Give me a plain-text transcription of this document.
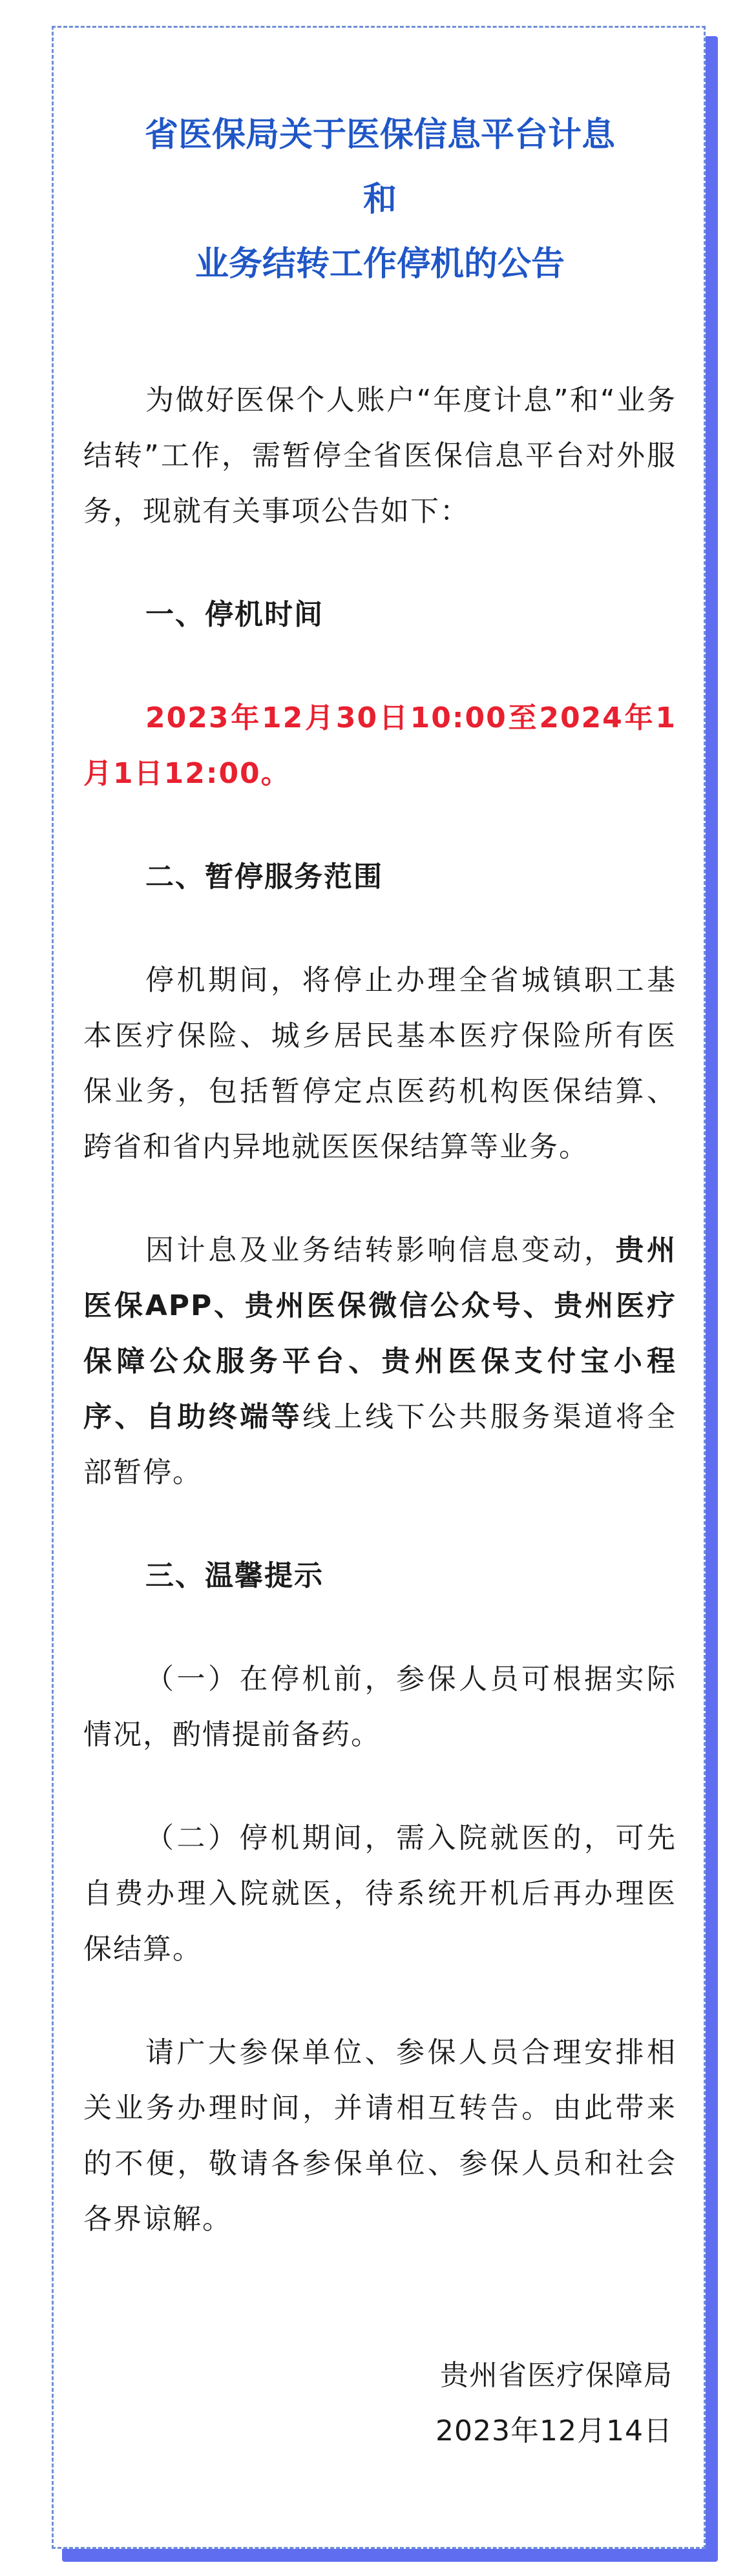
省医保局关于医保信息平台计息
和
业务结转工作停机的公告

为做好医保个人账户“年度计息”和“业务结转”工作，需暂停全省医保信息平台对外服务，现就有关事项公告如下：

一、停机时间

2023年12月30日10:00至2024年1月1日12:00。

二、暂停服务范围

停机期间，将停止办理全省城镇职工基本医疗保险、城乡居民基本医疗保险所有医保业务，包括暂停定点医药机构医保结算、跨省和省内异地就医医保结算等业务。

因计息及业务结转影响信息变动，贵州医保APP、贵州医保微信公众号、贵州医疗保障公众服务平台、贵州医保支付宝小程序、自助终端等线上线下公共服务渠道将全部暂停。

三、温馨提示

（一）在停机前，参保人员可根据实际情况，酌情提前备药。

（二）停机期间，需入院就医的，可先自费办理入院就医，待系统开机后再办理医保结算。

请广大参保单位、参保人员合理安排相关业务办理时间，并请相互转告。由此带来的不便，敬请各参保单位、参保人员和社会各界谅解。

贵州省医疗保障局

2023年12月14日
